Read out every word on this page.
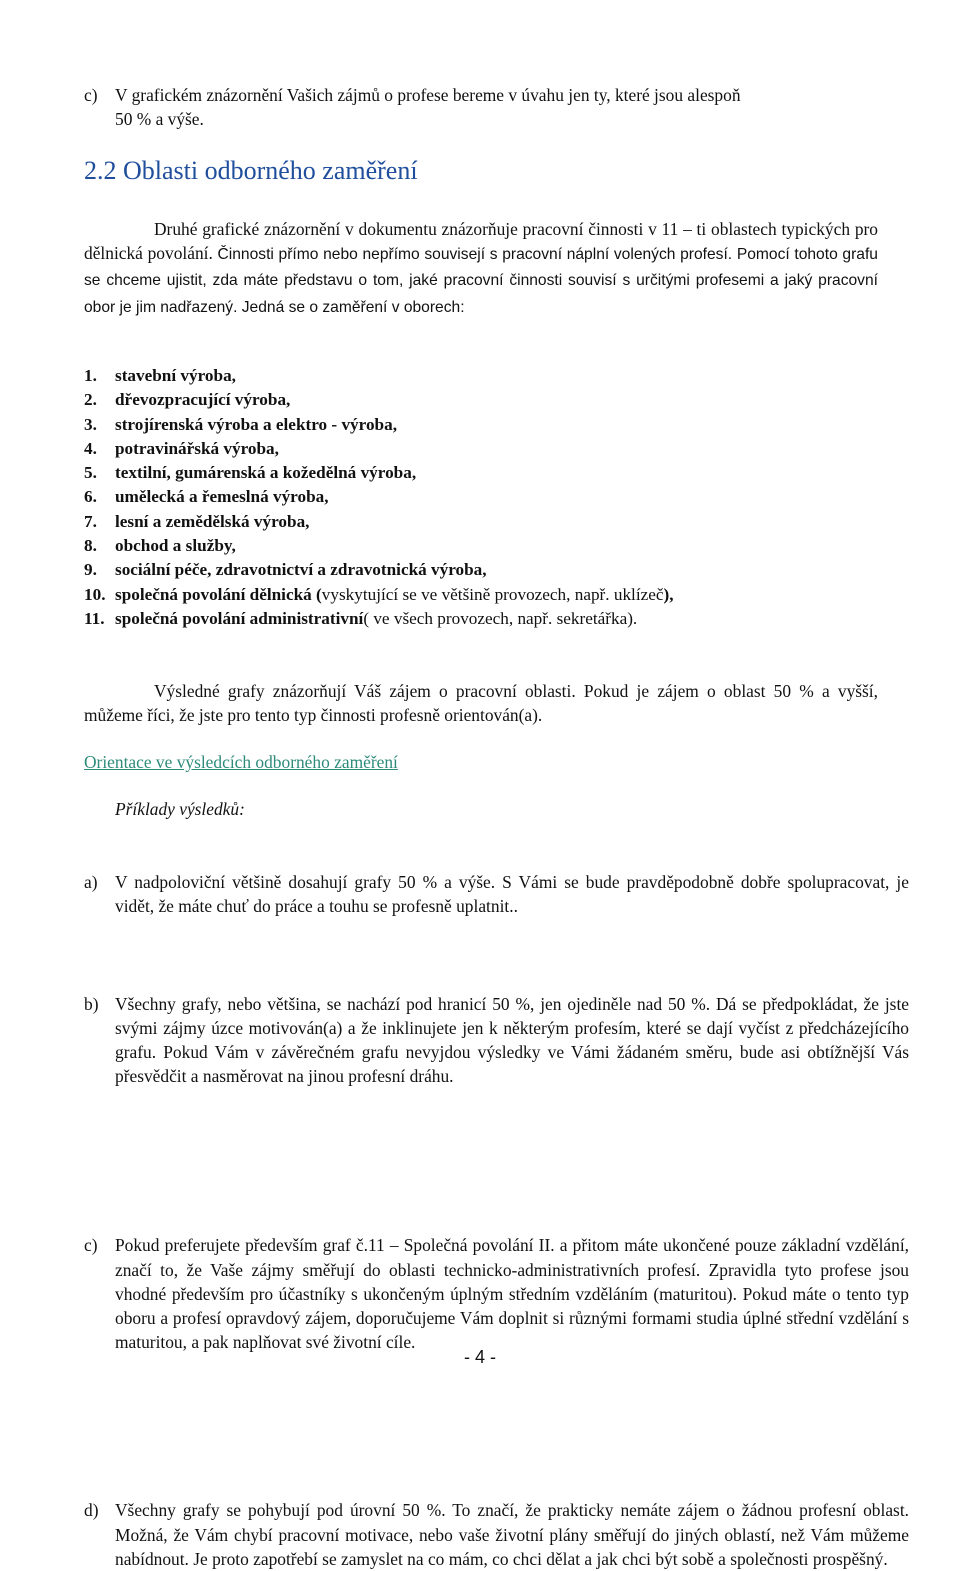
c) V grafickém znázornění Vašich zájmů o profese bereme v úvahu jen ty, které jsou alespoň
50 % a výše.
2.2 Oblasti odborného zaměření
Druhé grafické znázornění v dokumentu znázorňuje pracovní činnosti v 11 – ti oblastech typických pro dělnická povolání. Činnosti přímo nebo nepřímo souvisejí s pracovní náplní volených profesí. Pomocí tohoto grafu se chceme ujistit, zda máte představu o tom, jaké pracovní činnosti souvisí s určitými profesemi a jaký pracovní obor je jim nadřazený. Jedná se o zaměření v oborech:
1.	stavební výroba,
2.	dřevozpracující výroba,
3.	strojírenská výroba a elektro - výroba,
4.	potravinářská výroba,
5.	textilní, gumárenská a kožedělná výroba,
6.	umělecká a řemeslná výroba,
7.	lesní a zemědělská výroba,
8.	obchod a služby,
9.	sociální péče, zdravotnictví a zdravotnická výroba,
10. společná povolání dělnická ( vyskytující se ve většině provozech, např. uklízeč ),
11. společná povolání administrativní ( ve všech provozech, např. sekretářka).
Výsledné grafy znázorňují Váš zájem o pracovní oblasti. Pokud je zájem o oblast 50 % a vyšší, můžeme říci, že jste pro tento typ činnosti profesně orientován(a).
Orientace ve výsledcích odborného zaměření
Příklady výsledků:
a) V nadpoloviční většině dosahují grafy 50 % a výše. S Vámi se bude pravděpodobně dobře spolupracovat, je vidět, že máte chuť do práce a touhu se profesně uplatnit..
b) Všechny grafy, nebo většina, se nachází pod hranicí 50 %, jen ojediněle nad 50 %. Dá se předpokládat, že jste svými zájmy úzce motivován(a) a že inklinujete jen k některým profesím, které se dají vyčíst z předcházejícího grafu. Pokud Vám v závěrečném grafu nevyjdou výsledky ve Vámi žádaném směru, bude asi obtížnější Vás přesvědčit a nasměrovat na jinou profesní dráhu.
c) Pokud preferujete především graf č.11 – Společná povolání II. a přitom máte ukončené pouze základní vzdělání, značí to, že Vaše zájmy směřují do oblasti technicko-administrativních profesí. Zpravidla tyto profese jsou vhodné především pro účastníky s ukončeným úplným středním vzděláním (maturitou). Pokud máte o tento typ oboru a profesí opravdový zájem, doporučujeme Vám doplnit si různými formami studia úplné střední vzdělání s maturitou, a pak naplňovat své životní cíle.
d) Všechny grafy se pohybují pod úrovní 50 %. To značí, že prakticky nemáte zájem o žádnou profesní oblast. Možná, že Vám chybí pracovní motivace, nebo vaše životní plány směřují do jiných oblastí, než Vám můžeme nabídnout. Je proto zapotřebí se zamyslet na co mám, co chci dělat a jak chci být sobě a společnosti prospěšný.
- 4 -
